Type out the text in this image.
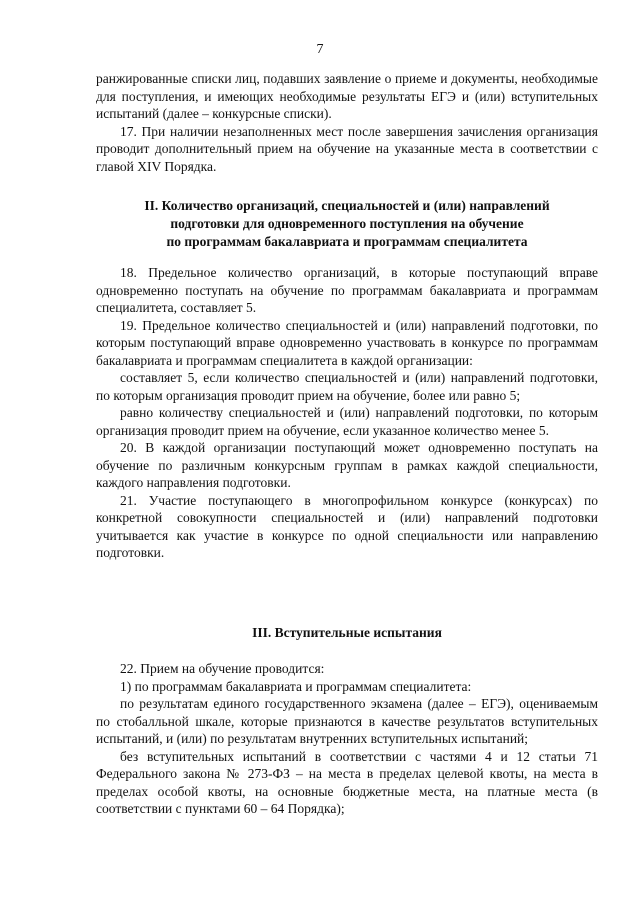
7

ранжированные списки лиц, подавших заявление о приеме и документы, необходимые для поступления, и имеющих необходимые результаты ЕГЭ и (или) вступительных испытаний (далее – конкурсные списки).

17. При наличии незаполненных мест после завершения зачисления организация проводит дополнительный прием на обучение на указанные места в соответствии с главой XIV Порядка.

II. Количество организаций, специальностей и (или) направлений
подготовки для одновременного поступления на обучение
по программам бакалавриата и программам специалитета

18. Предельное количество организаций, в которые поступающий вправе одновременно поступать на обучение по программам бакалавриата и программам специалитета, составляет 5.

19. Предельное количество специальностей и (или) направлений подготовки, по которым поступающий вправе одновременно участвовать в конкурсе по программам бакалавриата и программам специалитета в каждой организации:

составляет 5, если количество специальностей и (или) направлений подготовки, по которым организация проводит прием на обучение, более или равно 5;

равно количеству специальностей и (или) направлений подготовки, по которым организация проводит прием на обучение, если указанное количество менее 5.

20. В каждой организации поступающий может одновременно поступать на обучение по различным конкурсным группам в рамках каждой специальности, каждого направления подготовки.

21. Участие поступающего в многопрофильном конкурсе (конкурсах) по конкретной совокупности специальностей и (или) направлений подготовки учитывается как участие в конкурсе по одной специальности или направлению подготовки.

III. Вступительные испытания

22. Прием на обучение проводится:

1) по программам бакалавриата и программам специалитета:

по результатам единого государственного экзамена (далее – ЕГЭ), оцениваемым по стобалльной шкале, которые признаются в качестве результатов вступительных испытаний, и (или) по результатам внутренних вступительных испытаний;

без вступительных испытаний в соответствии с частями 4 и 12 статьи 71 Федерального закона № 273-ФЗ – на места в пределах целевой квоты, на места в пределах особой квоты, на основные бюджетные места, на платные места (в соответствии с пунктами 60 – 64 Порядка);
